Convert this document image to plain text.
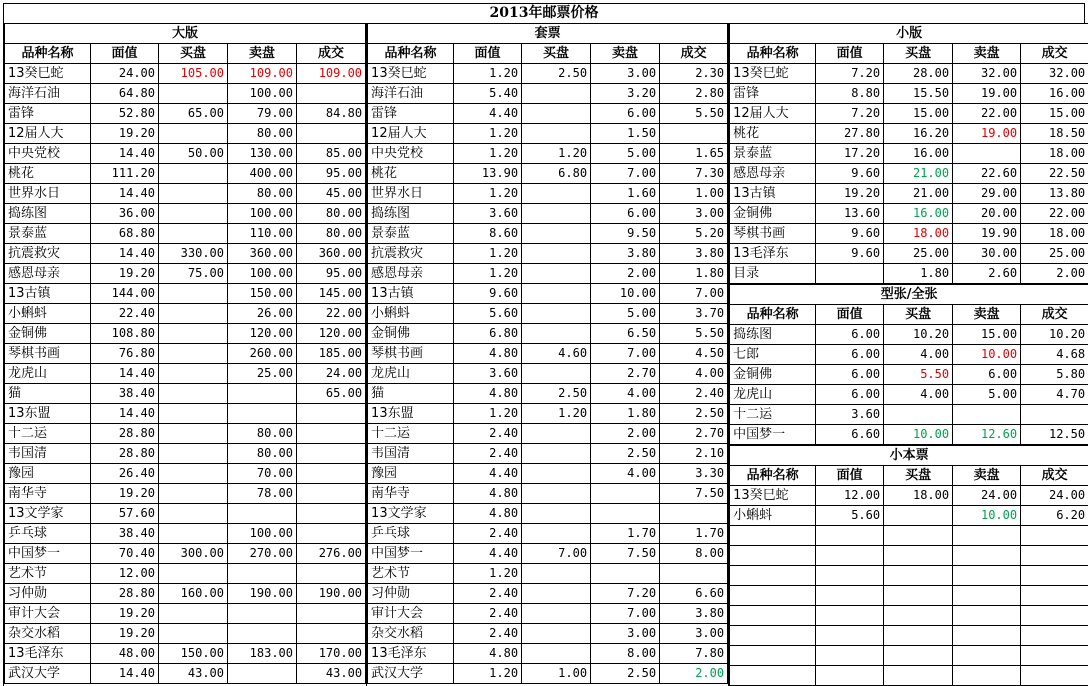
2013年邮票价格
大版				
品种名称	面值	买盘	卖盘	成交
13癸巳蛇	24.00	105.00	109.00	109.00
海洋石油	64.80		100.00	
雷锋	52.80	65.00	79.00	84.80
12届人大	19.20		80.00	
中央党校	14.40	50.00	130.00	85.00
桃花	111.20		400.00	95.00
世界水日	14.40		80.00	45.00
捣练图	36.00		100.00	80.00
景泰蓝	68.80		110.00	80.00
抗震救灾	14.40	330.00	360.00	360.00
感恩母亲	19.20	75.00	100.00	95.00
13古镇	144.00		150.00	145.00
小蝌蚪	22.40		26.00	22.00
金铜佛	108.80		120.00	120.00
琴棋书画	76.80		260.00	185.00
龙虎山	14.40		25.00	24.00
猫	38.40			65.00
13东盟	14.40			
十二运	28.80		80.00	
韦国清	28.80		80.00	
豫园	26.40		70.00	
南华寺	19.20		78.00	
13文学家	57.60			
乒乓球	38.40		100.00	
中国梦一	70.40	300.00	270.00	276.00
艺术节	12.00			
习仲勋	28.80	160.00	190.00	190.00
审计大会	19.20			
杂交水稻	19.20			
13毛泽东	48.00	150.00	183.00	170.00
武汉大学	14.40	43.00		43.00
套票				
品种名称	面值	买盘	卖盘	成交
13癸巳蛇	1.20	2.50	3.00	2.30
海洋石油	5.40		3.20	2.80
雷锋	4.40		6.00	5.50
12届人大	1.20		1.50	
中央党校	1.20	1.20	5.00	1.65
桃花	13.90	6.80	7.00	7.30
世界水日	1.20		1.60	1.00
捣练图	3.60		6.00	3.00
景泰蓝	8.60		9.50	5.20
抗震救灾	1.20		3.80	3.80
感恩母亲	1.20		2.00	1.80
13古镇	9.60		10.00	7.00
小蝌蚪	5.60		5.00	3.70
金铜佛	6.80		6.50	5.50
琴棋书画	4.80	4.60	7.00	4.50
龙虎山	3.60		2.70	4.00
猫	4.80	2.50	4.00	2.40
13东盟	1.20	1.20	1.80	2.50
十二运	2.40		2.00	2.70
韦国清	2.40		2.50	2.10
豫园	4.40		4.00	3.30
南华寺	4.80			7.50
13文学家	4.80			
乒乓球	2.40		1.70	1.70
中国梦一	4.40	7.00	7.50	8.00
艺术节	1.20			
习仲勋	2.40		7.20	6.60
审计大会	2.40		7.00	3.80
杂交水稻	2.40		3.00	3.00
13毛泽东	4.80		8.00	7.80
武汉大学	1.20	1.00	2.50	2.00
小版				
品种名称	面值	买盘	卖盘	成交
13癸巳蛇	7.20	28.00	32.00	32.00
雷锋	8.80	15.50	19.00	16.00
12届人大	7.20	15.00	22.00	15.00
桃花	27.80	16.20	19.00	18.50
景泰蓝	17.20	16.00		18.00
感恩母亲	9.60	21.00	22.60	22.50
13古镇	19.20	21.00	29.00	13.80
金铜佛	13.60	16.00	20.00	22.00
琴棋书画	9.60	18.00	19.90	18.00
13毛泽东	9.60	25.00	30.00	25.00
目录		1.80	2.60	2.00
型张/全张				
品种名称	面值	买盘	卖盘	成交
捣练图	6.00	10.20	15.00	10.20
七郎	6.00	4.00	10.00	4.68
金铜佛	6.00	5.50	6.00	5.80
龙虎山	6.00	4.00	5.00	4.70
十二运	3.60			
中国梦一	6.60	10.00	12.60	12.50
小本票				
品种名称	面值	买盘	卖盘	成交
13癸巳蛇	12.00	18.00	24.00	24.00
小蝌蚪	5.60		10.00	6.20
